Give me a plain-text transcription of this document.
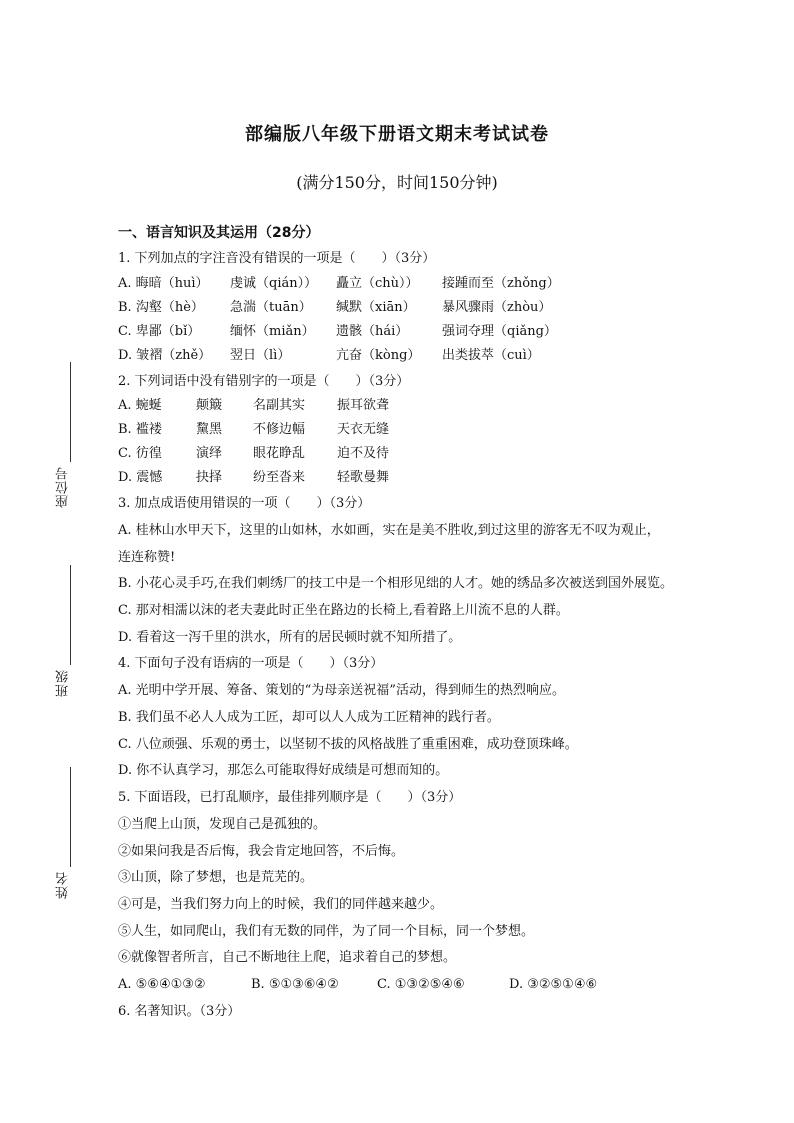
座位号
班级
姓名
部编版八年级下册语文期末考试试卷
(满分150分，时间150分钟)
一、语言知识及其运用（28分）
1. 下列加点的字注音没有错误的一项是（　　）（3分）
A. 晦暗（huì） 虔诚（qián）） 矗立（chù）） 接踵而至（zhǒng）
B. 沟壑（hè） 急湍（tuān） 缄默（xiān） 暴风骤雨（zhòu）
C. 卑鄙（bǐ） 缅怀（miǎn） 遗骸（hái）	强词夺理（qiǎng）
D. 皱褶（zhě） 翌日（lì）	亢奋（kòng） 出类拔萃（cuì）
2. 下列词语中没有错别字的一项是（　　）（3分）
A. 蜿蜒	颠簸 名副其实 振耳欲聋
B. 褴褛	黧黑 不修边幅 天衣无缝
C. 彷徨	演绎 眼花睁乱 迫不及待
D. 震憾	抉择 纷至沓来 轻歌曼舞
3. 加点成语使用错误的一项（　　）（3分）
A. 桂林山水甲天下，这里的山如林，水如画，实在是美不胜收,到过这里的游客无不叹为观止，
连连称赞!
B. 小花心灵手巧,在我们刺绣厂的技工中是一个相形见绌的人才。她的绣品多次被送到国外展览。
C. 那对相濡以沫的老夫妻此时正坐在路边的长椅上,看着路上川流不息的人群。
D. 看着这一泻千里的洪水，所有的居民顿时就不知所措了。
4. 下面句子没有语病的一项是（　　）（3分）
A. 光明中学开展、筹备、策划的“为母亲送祝福”活动，得到师生的热烈响应。
B. 我们虽不必人人成为工匠，却可以人人成为工匠精神的践行者。
C. 八位顽强、乐观的勇士，以坚韧不拔的风格战胜了重重困难，成功登顶珠峰。
D. 你不认真学习，那怎么可能取得好成绩是可想而知的。
5. 下面语段，已打乱顺序，最佳排列顺序是（　　）（3分）
①当爬上山顶，发现自己是孤独的。
②如果问我是否后悔，我会肯定地回答，不后悔。
③山顶，除了梦想，也是荒芜的。
④可是，当我们努力向上的时候，我们的同伴越来越少。
⑤人生，如同爬山，我们有无数的同伴，为了同一个目标，同一个梦想。
⑥就像智者所言，自己不断地往上爬，追求着自己的梦想。
A. ⑤⑥④①③②	B. ⑤①③⑥④②	C. ①③②⑤④⑥	D. ③②⑤①④⑥
6. 名著知识。（3分）
